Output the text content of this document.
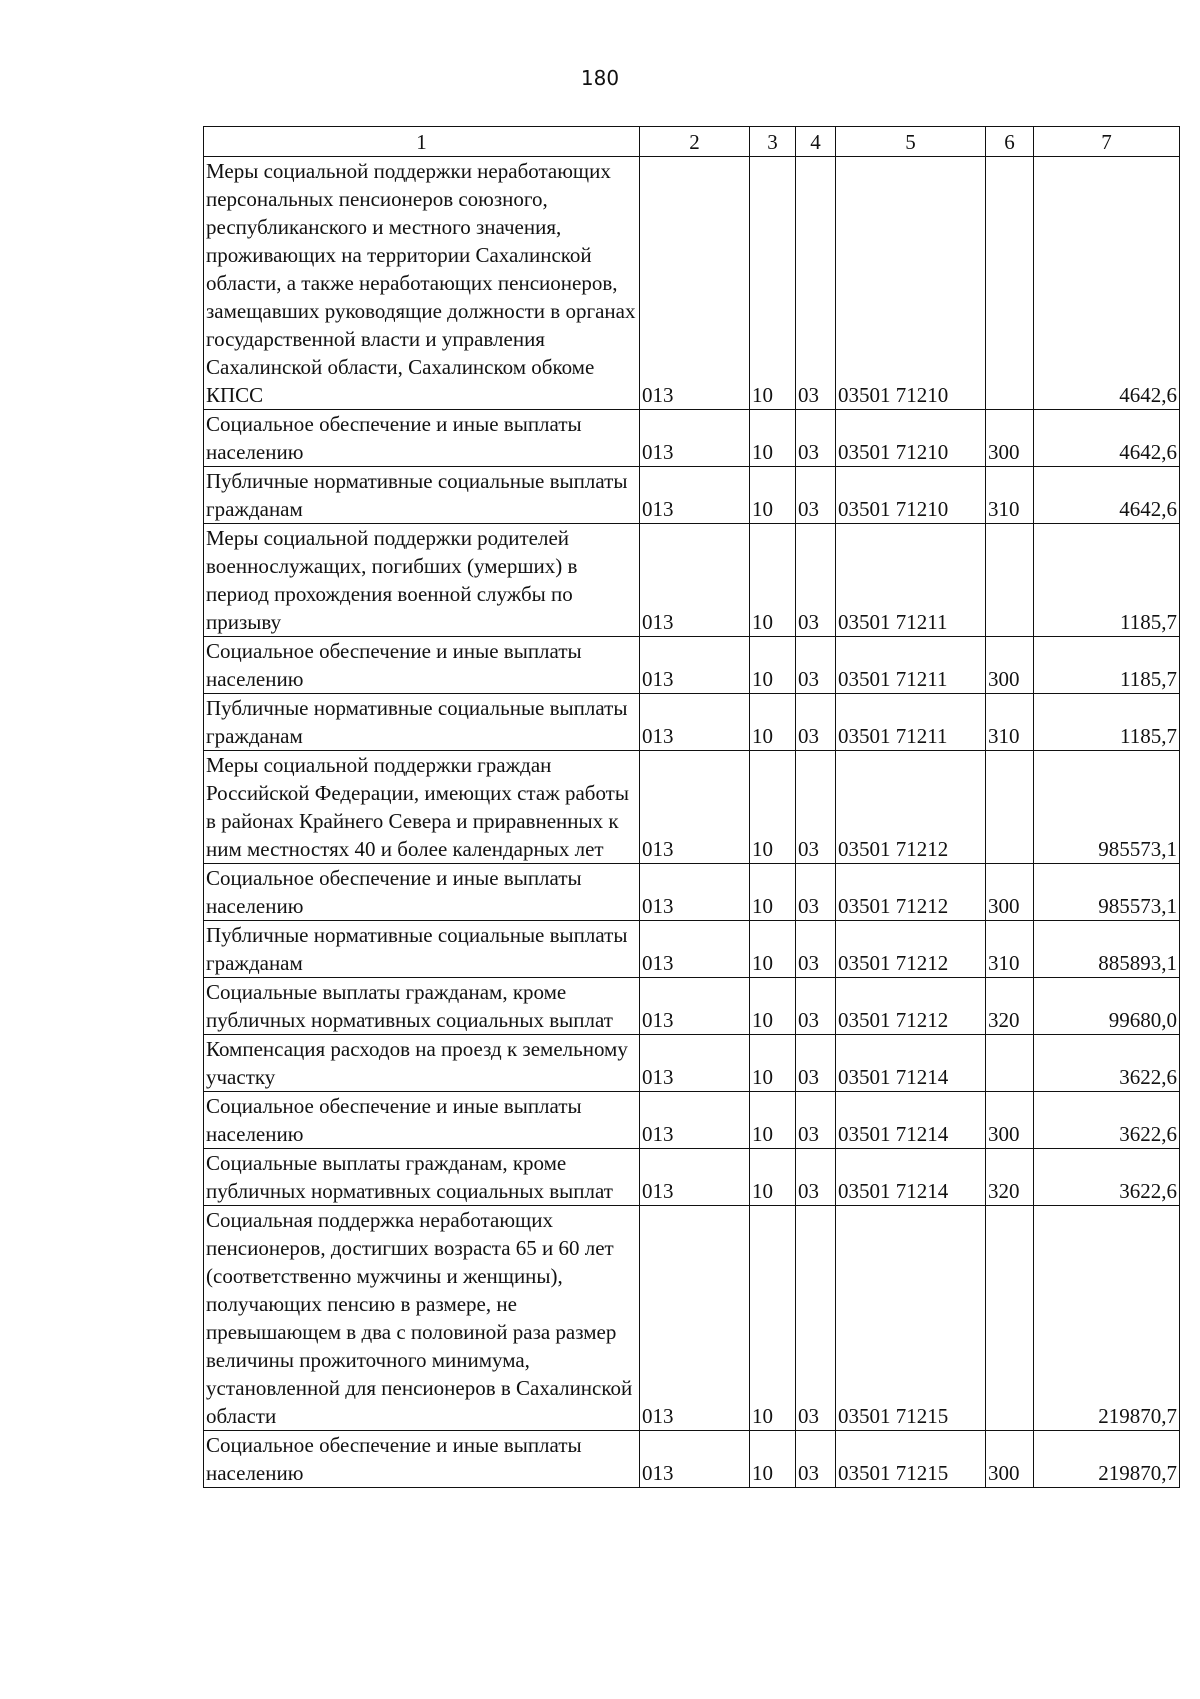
180
1	2	3	4	5	6	7
Меры социальной поддержки неработающих персональных пенсионеров союзного, республиканского и местного значения, проживающих на территории Сахалинской области, а также неработающих пенсионеров, замещавших руководящие должности в органах государственной власти и управления Сахалинской области, Сахалинском обкоме КПСС	013	10	03	03501 71210		4642,6
Социальное обеспечение и иные выплаты населению	013	10	03	03501 71210	300	4642,6
Публичные нормативные социальные выплаты гражданам	013	10	03	03501 71210	310	4642,6
Меры социальной поддержки родителей военнослужащих, погибших (умерших) в период прохождения военной службы по призыву	013	10	03	03501 71211		1185,7
Социальное обеспечение и иные выплаты населению	013	10	03	03501 71211	300	1185,7
Публичные нормативные социальные выплаты гражданам	013	10	03	03501 71211	310	1185,7
Меры социальной поддержки граждан Российской Федерации, имеющих стаж работы в районах Крайнего Севера и приравненных к ним местностях 40 и более календарных лет	013	10	03	03501 71212		985573,1
Социальное обеспечение и иные выплаты населению	013	10	03	03501 71212	300	985573,1
Публичные нормативные социальные выплаты гражданам	013	10	03	03501 71212	310	885893,1
Социальные выплаты гражданам, кроме публичных нормативных социальных выплат	013	10	03	03501 71212	320	99680,0
Компенсация расходов на проезд к земельному участку	013	10	03	03501 71214		3622,6
Социальное обеспечение и иные выплаты населению	013	10	03	03501 71214	300	3622,6
Социальные выплаты гражданам, кроме публичных нормативных социальных выплат	013	10	03	03501 71214	320	3622,6
Социальная поддержка неработающих пенсионеров, достигших возраста 65 и 60 лет (соответственно мужчины и женщины), получающих пенсию в размере, не превышающем в два с половиной раза размер величины прожиточного минимума, установленной для пенсионеров в Сахалинской области	013	10	03	03501 71215		219870,7
Социальное обеспечение и иные выплаты населению	013	10	03	03501 71215	300	219870,7
